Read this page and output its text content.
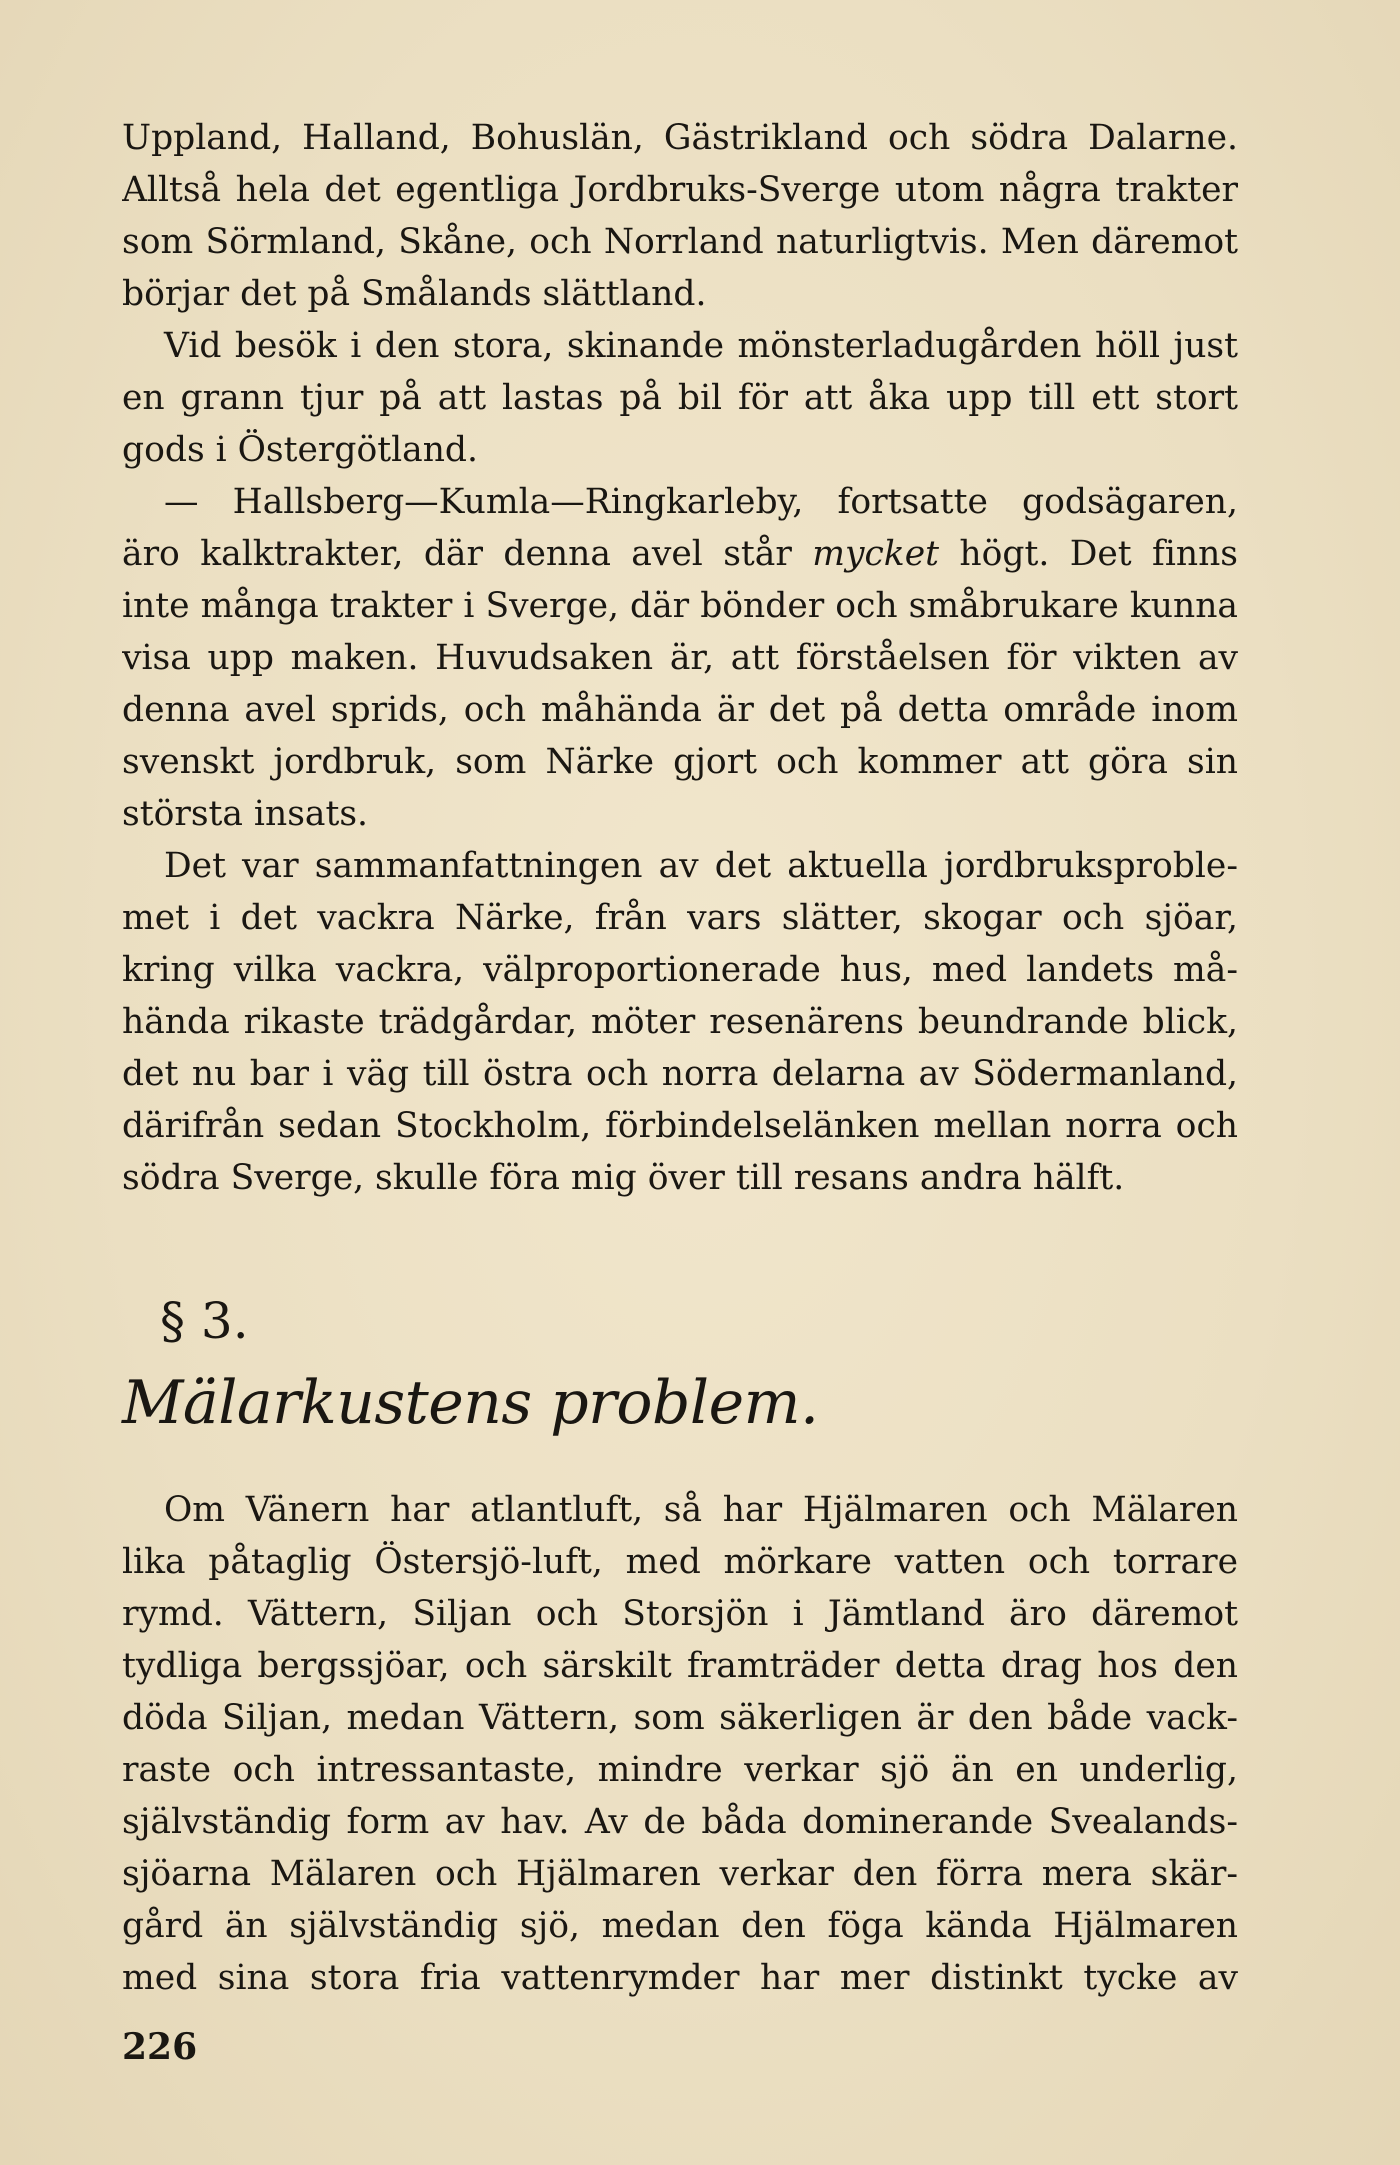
Uppland, Halland, Bohuslän, Gästrikland och södra Dalarne.
Alltså hela det egentliga Jordbruks-Sverge utom några trakter
som Sörmland, Skåne, och Norrland naturligtvis. Men däremot
börjar det på Smålands slättland.
Vid besök i den stora, skinande mönsterladugården höll just
en grann tjur på att lastas på bil för att åka upp till ett stort
gods i Östergötland.
— Hallsberg—Kumla—Ringkarleby, fortsatte godsägaren,
äro kalktrakter, där denna avel står mycket högt. Det finns
inte många trakter i Sverge, där bönder och småbrukare kunna
visa upp maken. Huvudsaken är, att förståelsen för vikten av
denna avel sprids, och måhända är det på detta område inom
svenskt jordbruk, som Närke gjort och kommer att göra sin
största insats.
Det var sammanfattningen av det aktuella jordbruksproble-
met i det vackra Närke, från vars slätter, skogar och sjöar,
kring vilka vackra, välproportionerade hus, med landets må-
hända rikaste trädgårdar, möter resenärens beundrande blick,
det nu bar i väg till östra och norra delarna av Södermanland,
därifrån sedan Stockholm, förbindelselänken mellan norra och
södra Sverge, skulle föra mig över till resans andra hälft.
§ 3.
Mälarkustens problem.
Om Vänern har atlantluft, så har Hjälmaren och Mälaren
lika påtaglig Östersjö-luft, med mörkare vatten och torrare
rymd. Vättern, Siljan och Storsjön i Jämtland äro däremot
tydliga bergssjöar, och särskilt framträder detta drag hos den
döda Siljan, medan Vättern, som säkerligen är den både vack-
raste och intressantaste, mindre verkar sjö än en underlig,
självständig form av hav. Av de båda dominerande Svealands-
sjöarna Mälaren och Hjälmaren verkar den förra mera skär-
gård än självständig sjö, medan den föga kända Hjälmaren
med sina stora fria vattenrymder har mer distinkt tycke av
226
